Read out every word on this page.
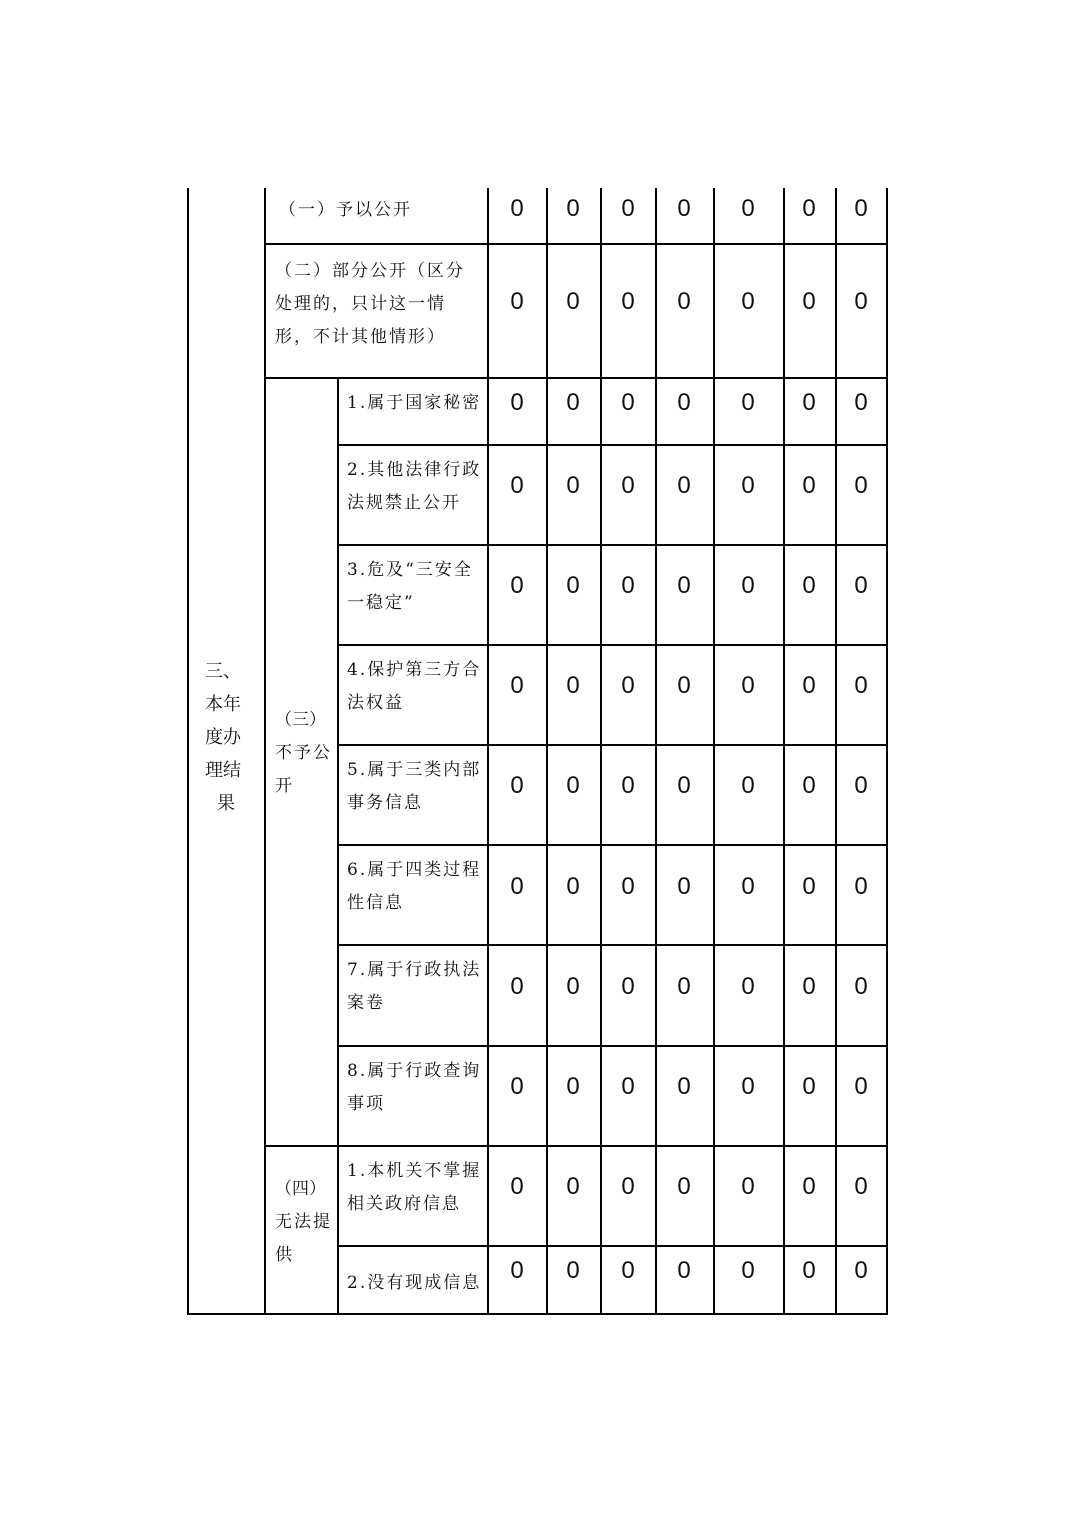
三、
本年
度办
理结
果
（三）
不予公
开
（四）
无法提
供
（一）予以公开
（二）部分公开（区分处理的，只计这一情形，不计其他情形）
1.属于国家秘密
2.其他法律行政法规禁止公开
3.危及“三安全一稳定”
4.保护第三方合法权益
5.属于三类内部事务信息
6.属于四类过程性信息
7.属于行政执法案卷
8.属于行政查询事项
1.本机关不掌握相关政府信息
2.没有现成信息
0 0 0 0 0 0 0
0 0 0 0 0 0 0
0 0 0 0 0 0 0
0 0 0 0 0 0 0
0 0 0 0 0 0 0
0 0 0 0 0 0 0
0 0 0 0 0 0 0
0 0 0 0 0 0 0
0 0 0 0 0 0 0
0 0 0 0 0 0 0
0 0 0 0 0 0 0
0 0 0 0 0 0 0
